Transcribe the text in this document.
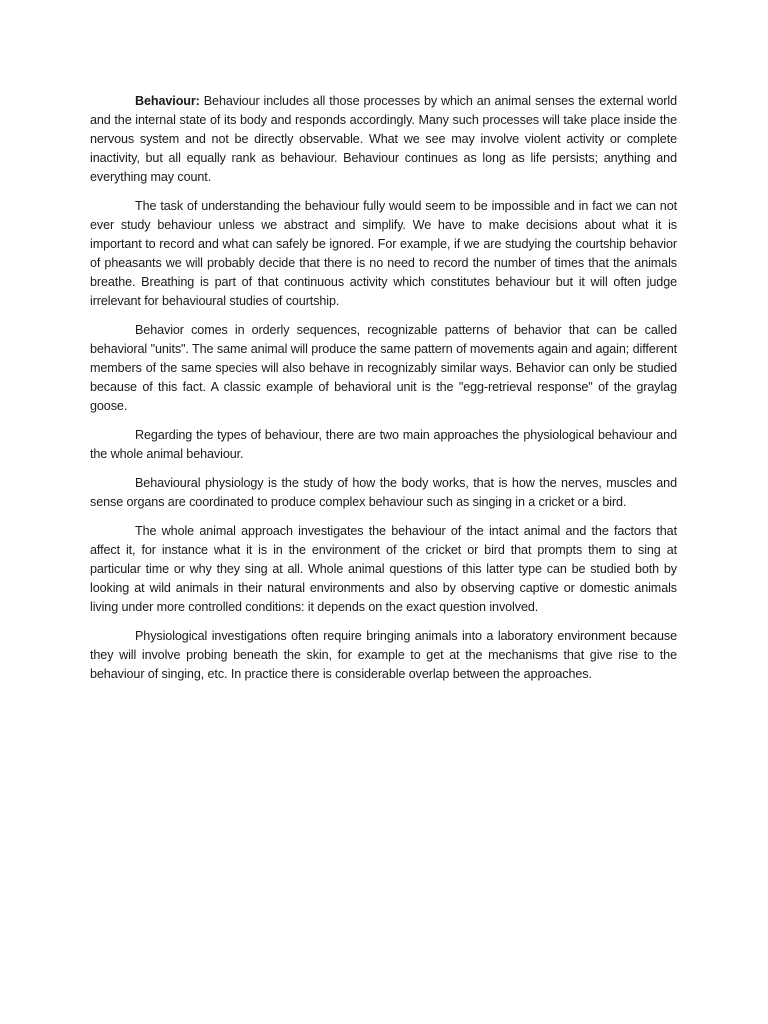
Behaviour: Behaviour includes all those processes by which an animal senses the external world and the internal state of its body and responds accordingly. Many such processes will take place inside the nervous system and not be directly observable. What we see may involve violent activity or complete inactivity, but all equally rank as behaviour. Behaviour continues as long as life persists; anything and everything may count.

The task of understanding the behaviour fully would seem to be impossible and in fact we can not ever study behaviour unless we abstract and simplify. We have to make decisions about what it is important to record and what can safely be ignored. For example, if we are studying the courtship behavior of pheasants we will probably decide that there is no need to record the number of times that the animals breathe. Breathing is part of that continuous activity which constitutes behaviour but it will often judge irrelevant for behavioural studies of courtship.

Behavior comes in orderly sequences, recognizable patterns of behavior that can be called behavioral "units". The same animal will produce the same pattern of movements again and again; different members of the same species will also behave in recognizably similar ways. Behavior can only be studied because of this fact. A classic example of behavioral unit is the "egg-retrieval response" of the graylag goose.

Regarding the types of behaviour, there are two main approaches the physiological behaviour and the whole animal behaviour.

Behavioural physiology is the study of how the body works, that is how the nerves, muscles and sense organs are coordinated to produce complex behaviour such as singing in a cricket or a bird.

The whole animal approach investigates the behaviour of the intact animal and the factors that affect it, for instance what it is in the environment of the cricket or bird that prompts them to sing at particular time or why they sing at all. Whole animal questions of this latter type can be studied both by looking at wild animals in their natural environments and also by observing captive or domestic animals living under more controlled conditions: it depends on the exact question involved.

Physiological investigations often require bringing animals into a laboratory environment because they will involve probing beneath the skin, for example to get at the mechanisms that give rise to the behaviour of singing, etc. In practice there is considerable overlap between the approaches.
